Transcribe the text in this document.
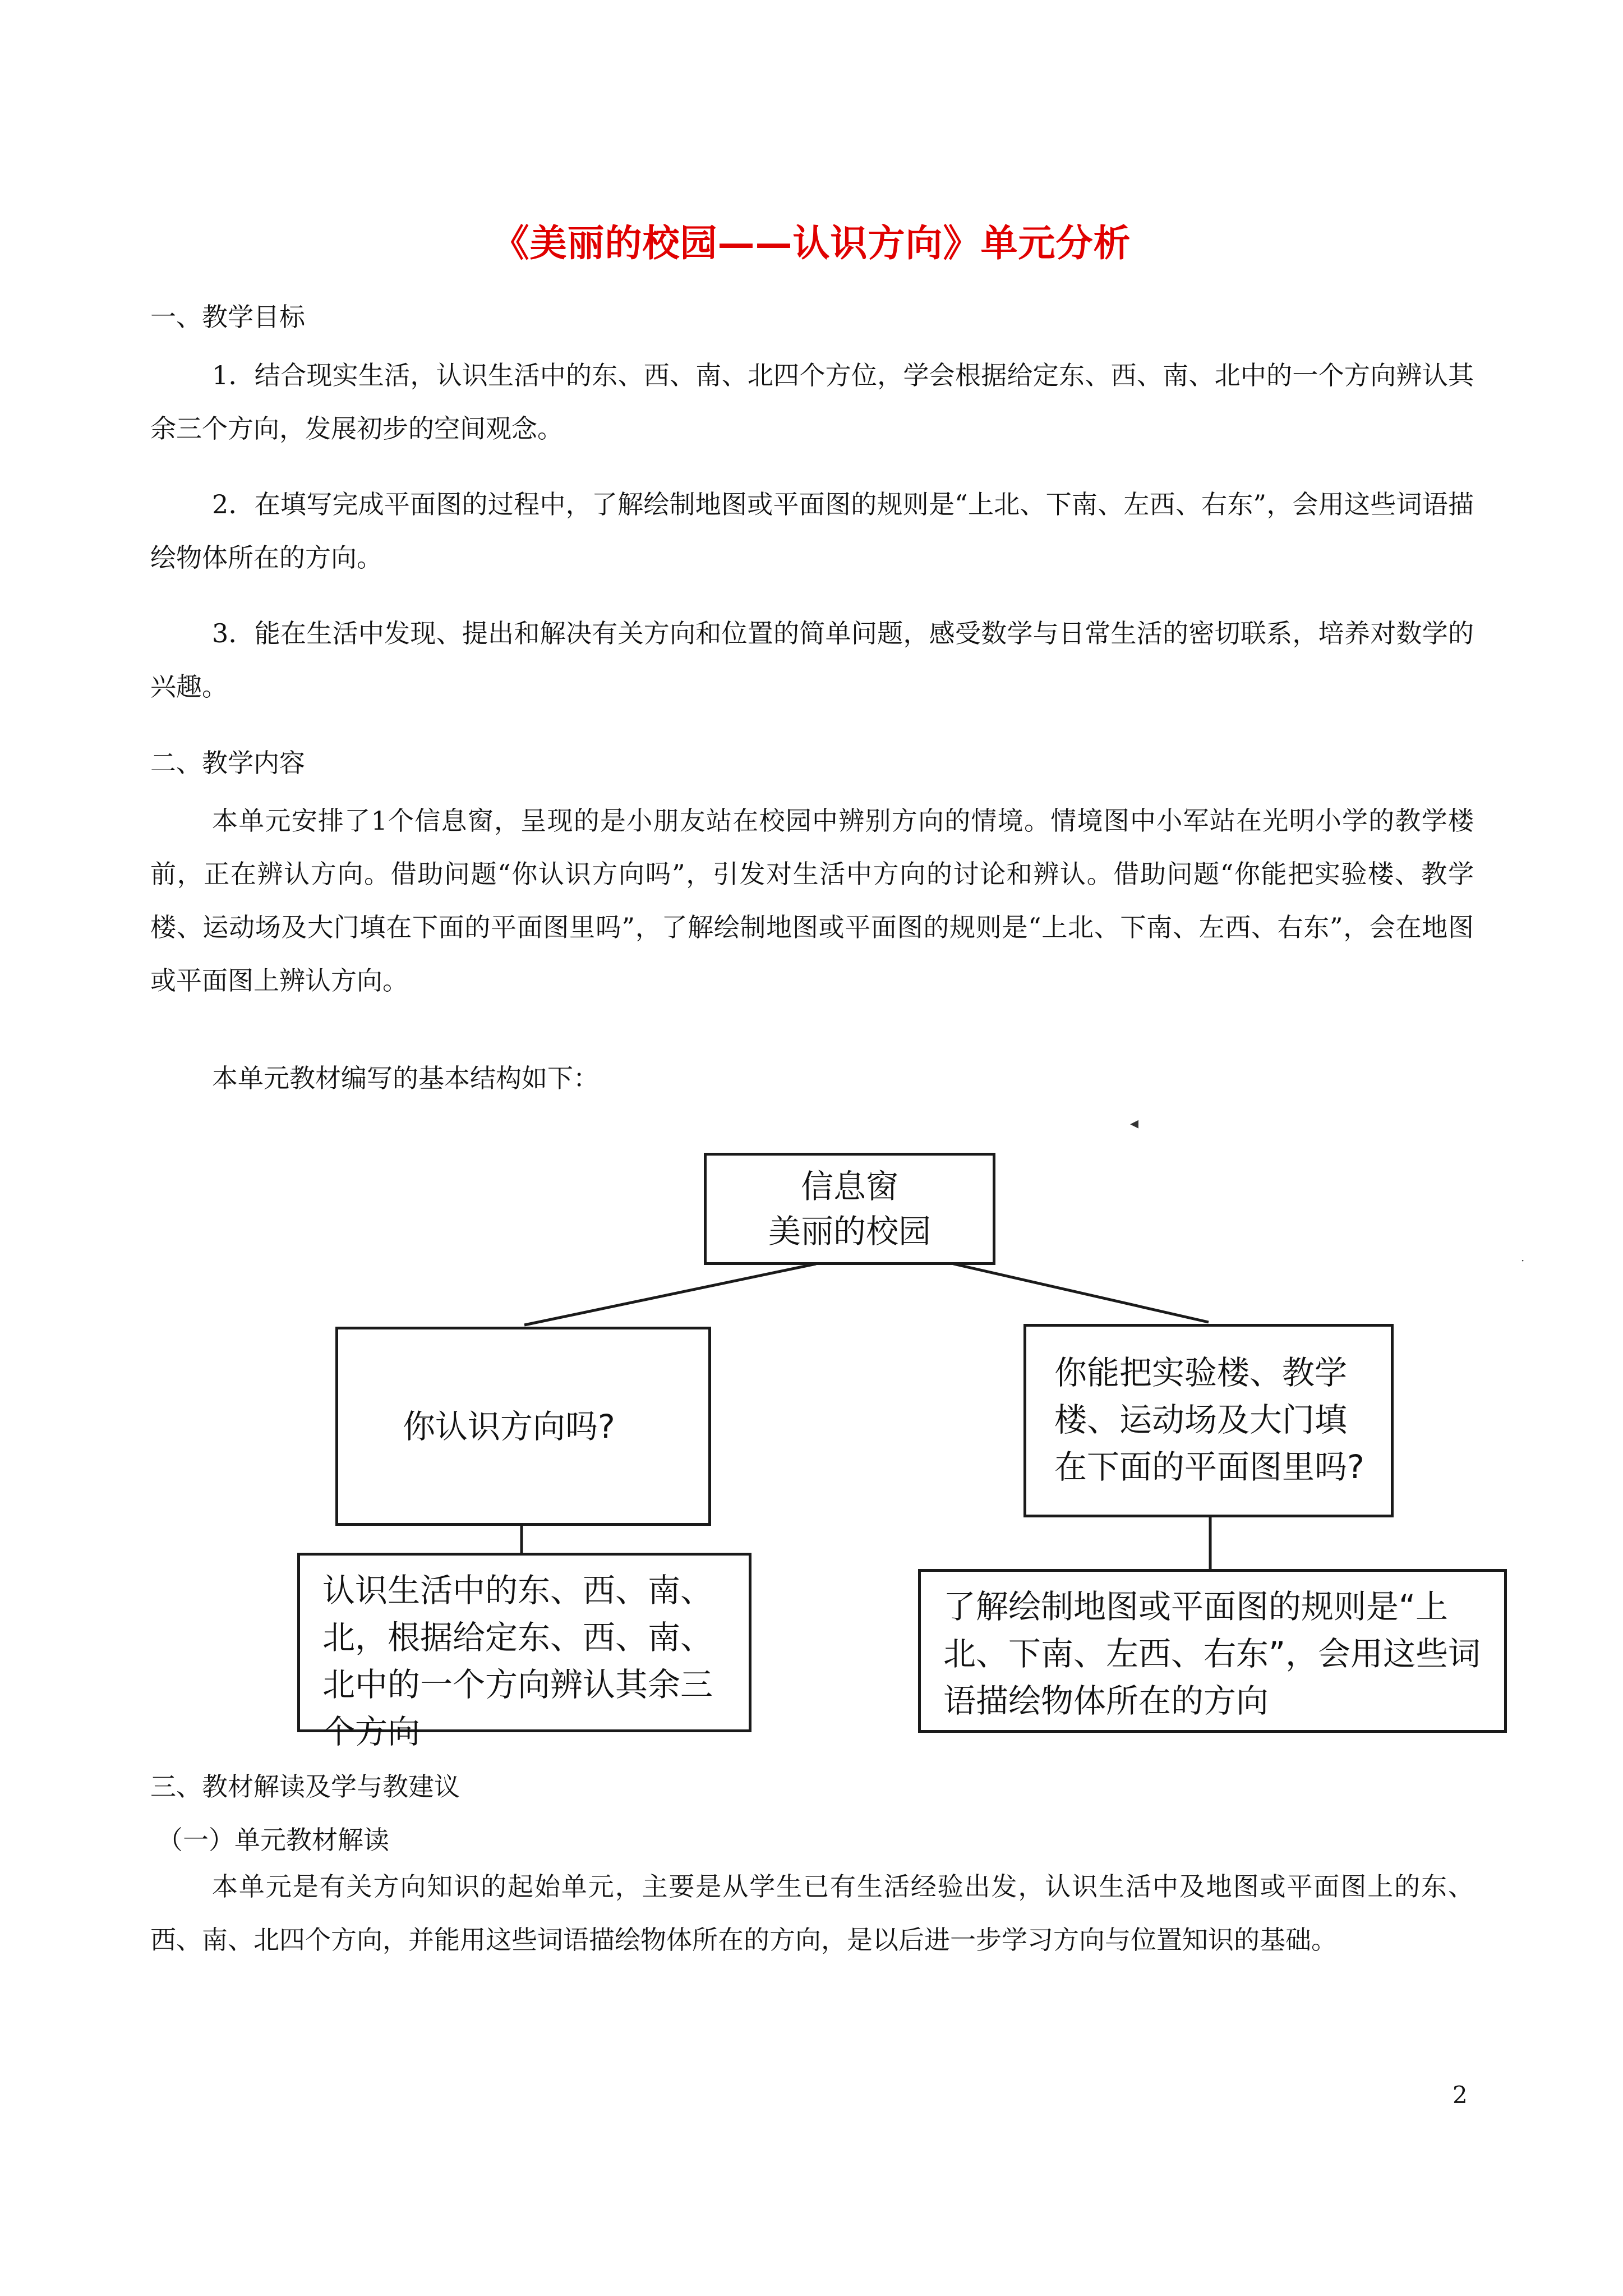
《美丽的校园——认识方向》单元分析
一、教学目标
1．结合现实生活，认识生活中的东、西、南、北四个方位，学会根据给定东、西、南、北中的一个方向辨认其余三个方向，发展初步的空间观念。
2．在填写完成平面图的过程中，了解绘制地图或平面图的规则是“上北、下南、左西、右东”，会用这些词语描绘物体所在的方向。
3．能在生活中发现、提出和解决有关方向和位置的简单问题，感受数学与日常生活的密切联系，培养对数学的兴趣。
二、教学内容
本单元安排了1个信息窗，呈现的是小朋友站在校园中辨别方向的情境。情境图中小军站在光明小学的教学楼前，正在辨认方向。借助问题“你认识方向吗”，引发对生活中方向的讨论和辨认。借助问题“你能把实验楼、教学楼、运动场及大门填在下面的平面图里吗”，了解绘制地图或平面图的规则是“上北、下南、左西、右东”，会在地图或平面图上辨认方向。
本单元教材编写的基本结构如下：
◂
·
信息窗
美丽的校园
你认识方向吗?
你能把实验楼、教学楼、运动场及大门填在下面的平面图里吗?
认识生活中的东、西、南、北，根据给定东、西、南、北中的一个方向辨认其余三个方向
了解绘制地图或平面图的规则是“上北、下南、左西、右东”，会用这些词语描绘物体所在的方向
三、教材解读及学与教建议
（一）单元教材解读
本单元是有关方向知识的起始单元，主要是从学生已有生活经验出发，认识生活中及地图或平面图上的东、西、南、北四个方向，并能用这些词语描绘物体所在的方向，是以后进一步学习方向与位置知识的基础。
2
